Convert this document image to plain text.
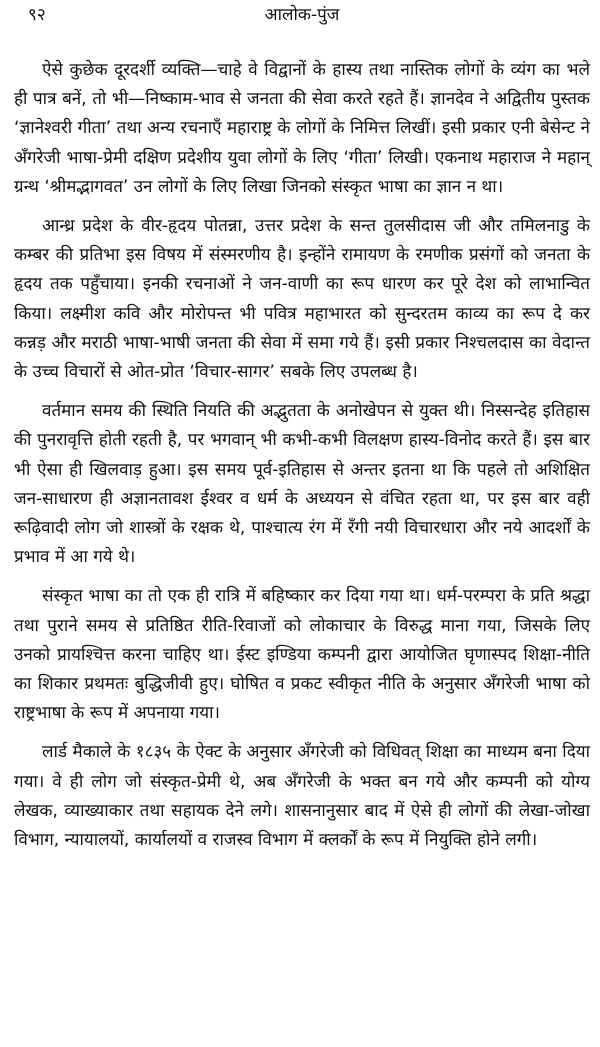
९२	आलोक-पुंज

ऐसे कुछेक दूरदर्शी व्यक्ति—चाहे वे विद्वानों के हास्य तथा नास्तिक लोगों के व्यंग का भले ही पात्र बनें, तो भी—निष्काम-भाव से जनता की सेवा करते रहते हैं। ज्ञानदेव ने अद्वितीय पुस्तक ‘ज्ञानेश्वरी गीता’ तथा अन्य रचनाएँ महाराष्ट्र के लोगों के निमित्त लिखीं। इसी प्रकार एनी बेसेन्ट ने अँगरेजी भाषा-प्रेमी दक्षिण प्रदेशीय युवा लोगों के लिए ‘गीता’ लिखी। एकनाथ महाराज ने महान् ग्रन्थ ‘श्रीमद्भागवत’ उन लोगों के लिए लिखा जिनको संस्कृत भाषा का ज्ञान न था।

आन्ध्र प्रदेश के वीर-हृदय पोतन्ना, उत्तर प्रदेश के सन्त तुलसीदास जी और तमिलनाडु के कम्बर की प्रतिभा इस विषय में संस्मरणीय है। इन्होंने रामायण के रमणीक प्रसंगों को जनता के हृदय तक पहुँचाया। इनकी रचनाओं ने जन-वाणी का रूप धारण कर पूरे देश को लाभान्वित किया। लक्ष्मीश कवि और मोरोपन्त भी पवित्र महाभारत को सुन्दरतम काव्य का रूप दे कर कन्नड़ और मराठी भाषा-भाषी जनता की सेवा में समा गये हैं। इसी प्रकार निश्चलदास का वेदान्त के उच्च विचारों से ओत-प्रोत ‘विचार-सागर’ सबके लिए उपलब्ध है।

वर्तमान समय की स्थिति नियति की अद्भुतता के अनोखेपन से युक्त थी। निस्सन्देह इतिहास की पुनरावृत्ति होती रहती है, पर भगवान् भी कभी-कभी विलक्षण हास्य-विनोद करते हैं। इस बार भी ऐसा ही खिलवाड़ हुआ। इस समय पूर्व-इतिहास से अन्तर इतना था कि पहले तो अशिक्षित जन-साधारण ही अज्ञानतावश ईश्वर व धर्म के अध्ययन से वंचित रहता था, पर इस बार वही रूढ़िवादी लोग जो शास्त्रों के रक्षक थे, पाश्चात्य रंग में रँगी नयी विचारधारा और नये आदर्शों के प्रभाव में आ गये थे।

संस्कृत भाषा का तो एक ही रात्रि में बहिष्कार कर दिया गया था। धर्म-परम्परा के प्रति श्रद्धा तथा पुराने समय से प्रतिष्ठित रीति-रिवाजों को लोकाचार के विरुद्ध माना गया, जिसके लिए उनको प्रायश्चित्त करना चाहिए था। ईस्ट इण्डिया कम्पनी द्वारा आयोजित घृणास्पद शिक्षा-नीति का शिकार प्रथमतः बुद्धिजीवी हुए। घोषित व प्रकट स्वीकृत नीति के अनुसार अँगरेजी भाषा को राष्ट्रभाषा के रूप में अपनाया गया।

लार्ड मैकाले के १८३५ के ऐक्ट के अनुसार अँगरेजी को विधिवत् शिक्षा का माध्यम बना दिया गया। वे ही लोग जो संस्कृत-प्रेमी थे, अब अँगरेजी के भक्त बन गये और कम्पनी को योग्य लेखक, व्याख्याकार तथा सहायक देने लगे। शासनानुसार बाद में ऐसे ही लोगों की लेखा-जोखा विभाग, न्यायालयों, कार्यालयों व राजस्व विभाग में क्लर्कों के रूप में नियुक्ति होने लगी।
